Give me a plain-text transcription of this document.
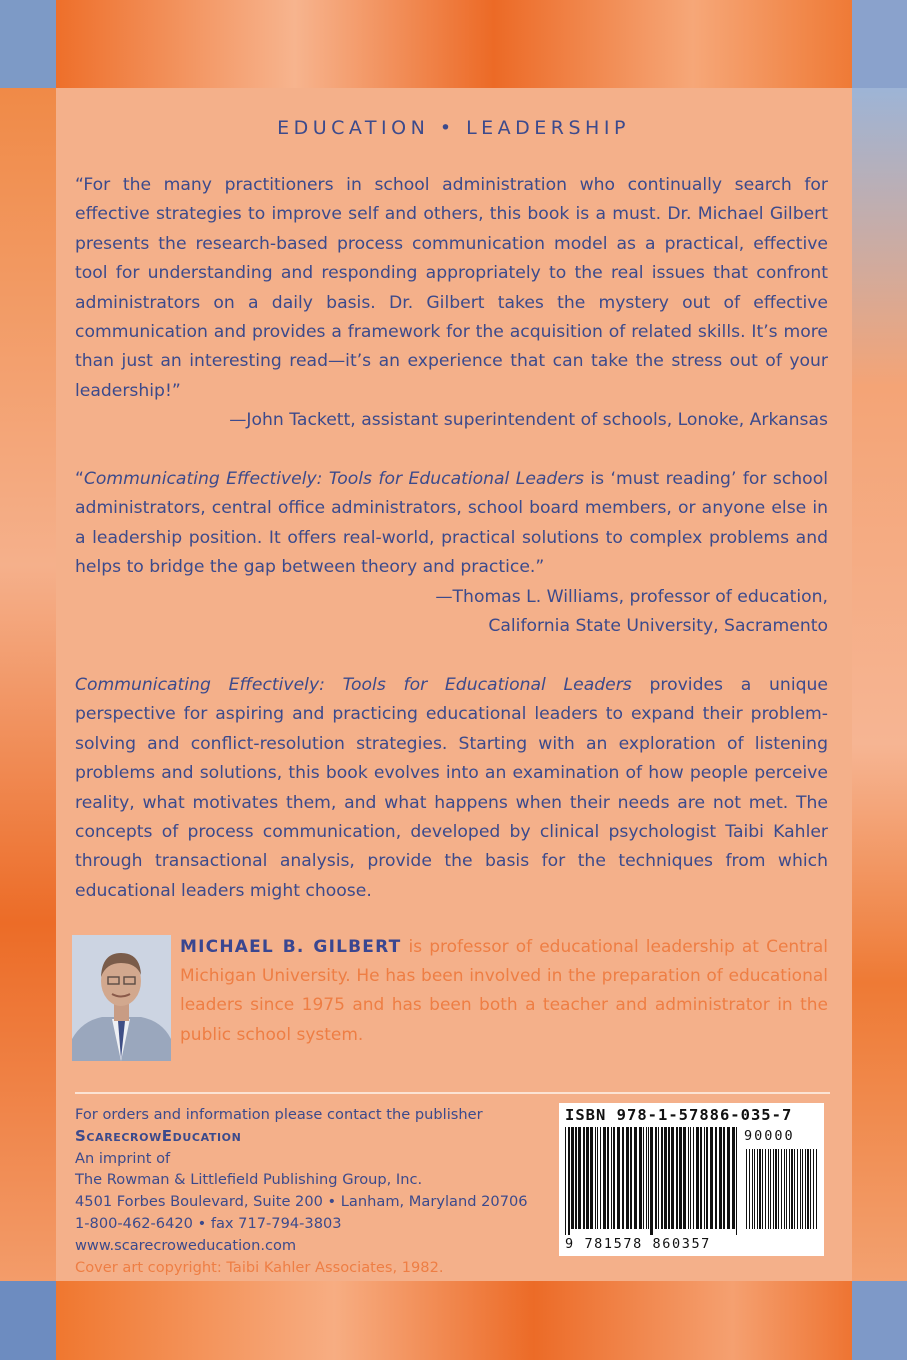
EDUCATION • LEADERSHIP

“For the many practitioners in school administration who continually search for effective strategies to improve self and others, this book is a must. Dr. Michael Gilbert presents the research-based process communication model as a practical, effective tool for understanding and responding appropriately to the real issues that confront administrators on a daily basis. Dr. Gilbert takes the mystery out of effective communication and provides a framework for the acquisition of related skills. It’s more than just an interesting read—it’s an experience that can take the stress out of your leadership!”

—John Tackett, assistant superintendent of schools, Lonoke, Arkansas

“Communicating Effectively: Tools for Educational Leaders is ‘must reading’ for school administrators, central office administrators, school board members, or anyone else in a leadership position. It offers real-world, practical solutions to complex problems and helps to bridge the gap between theory and practice.”

—Thomas L. Williams, professor of education,
California State University, Sacramento

Communicating Effectively: Tools for Educational Leaders provides a unique perspective for aspiring and practicing educational leaders to expand their problem-solving and conflict-resolution strategies. Starting with an exploration of listening problems and solutions, this book evolves into an examination of how people perceive reality, what motivates them, and what happens when their needs are not met. The concepts of process communication, developed by clinical psychologist Taibi Kahler through transactional analysis, provide the basis for the techniques from which educational leaders might choose.

MICHAEL B. GILBERT is professor of educational leadership at Central Michigan University. He has been involved in the preparation of educational leaders since 1975 and has been both a teacher and administrator in the public school system.

For orders and information please contact the publisher
ScarecrowEducation
An imprint of
The Rowman & Littlefield Publishing Group, Inc.
4501 Forbes Boulevard, Suite 200 • Lanham, Maryland 20706
1-800-462-6420 • fax 717-794-3803
www.scarecroweducation.com
Cover art copyright: Taibi Kahler Associates, 1982.
ISBN 978-1-57886-035-7
90000
9 781578 860357
